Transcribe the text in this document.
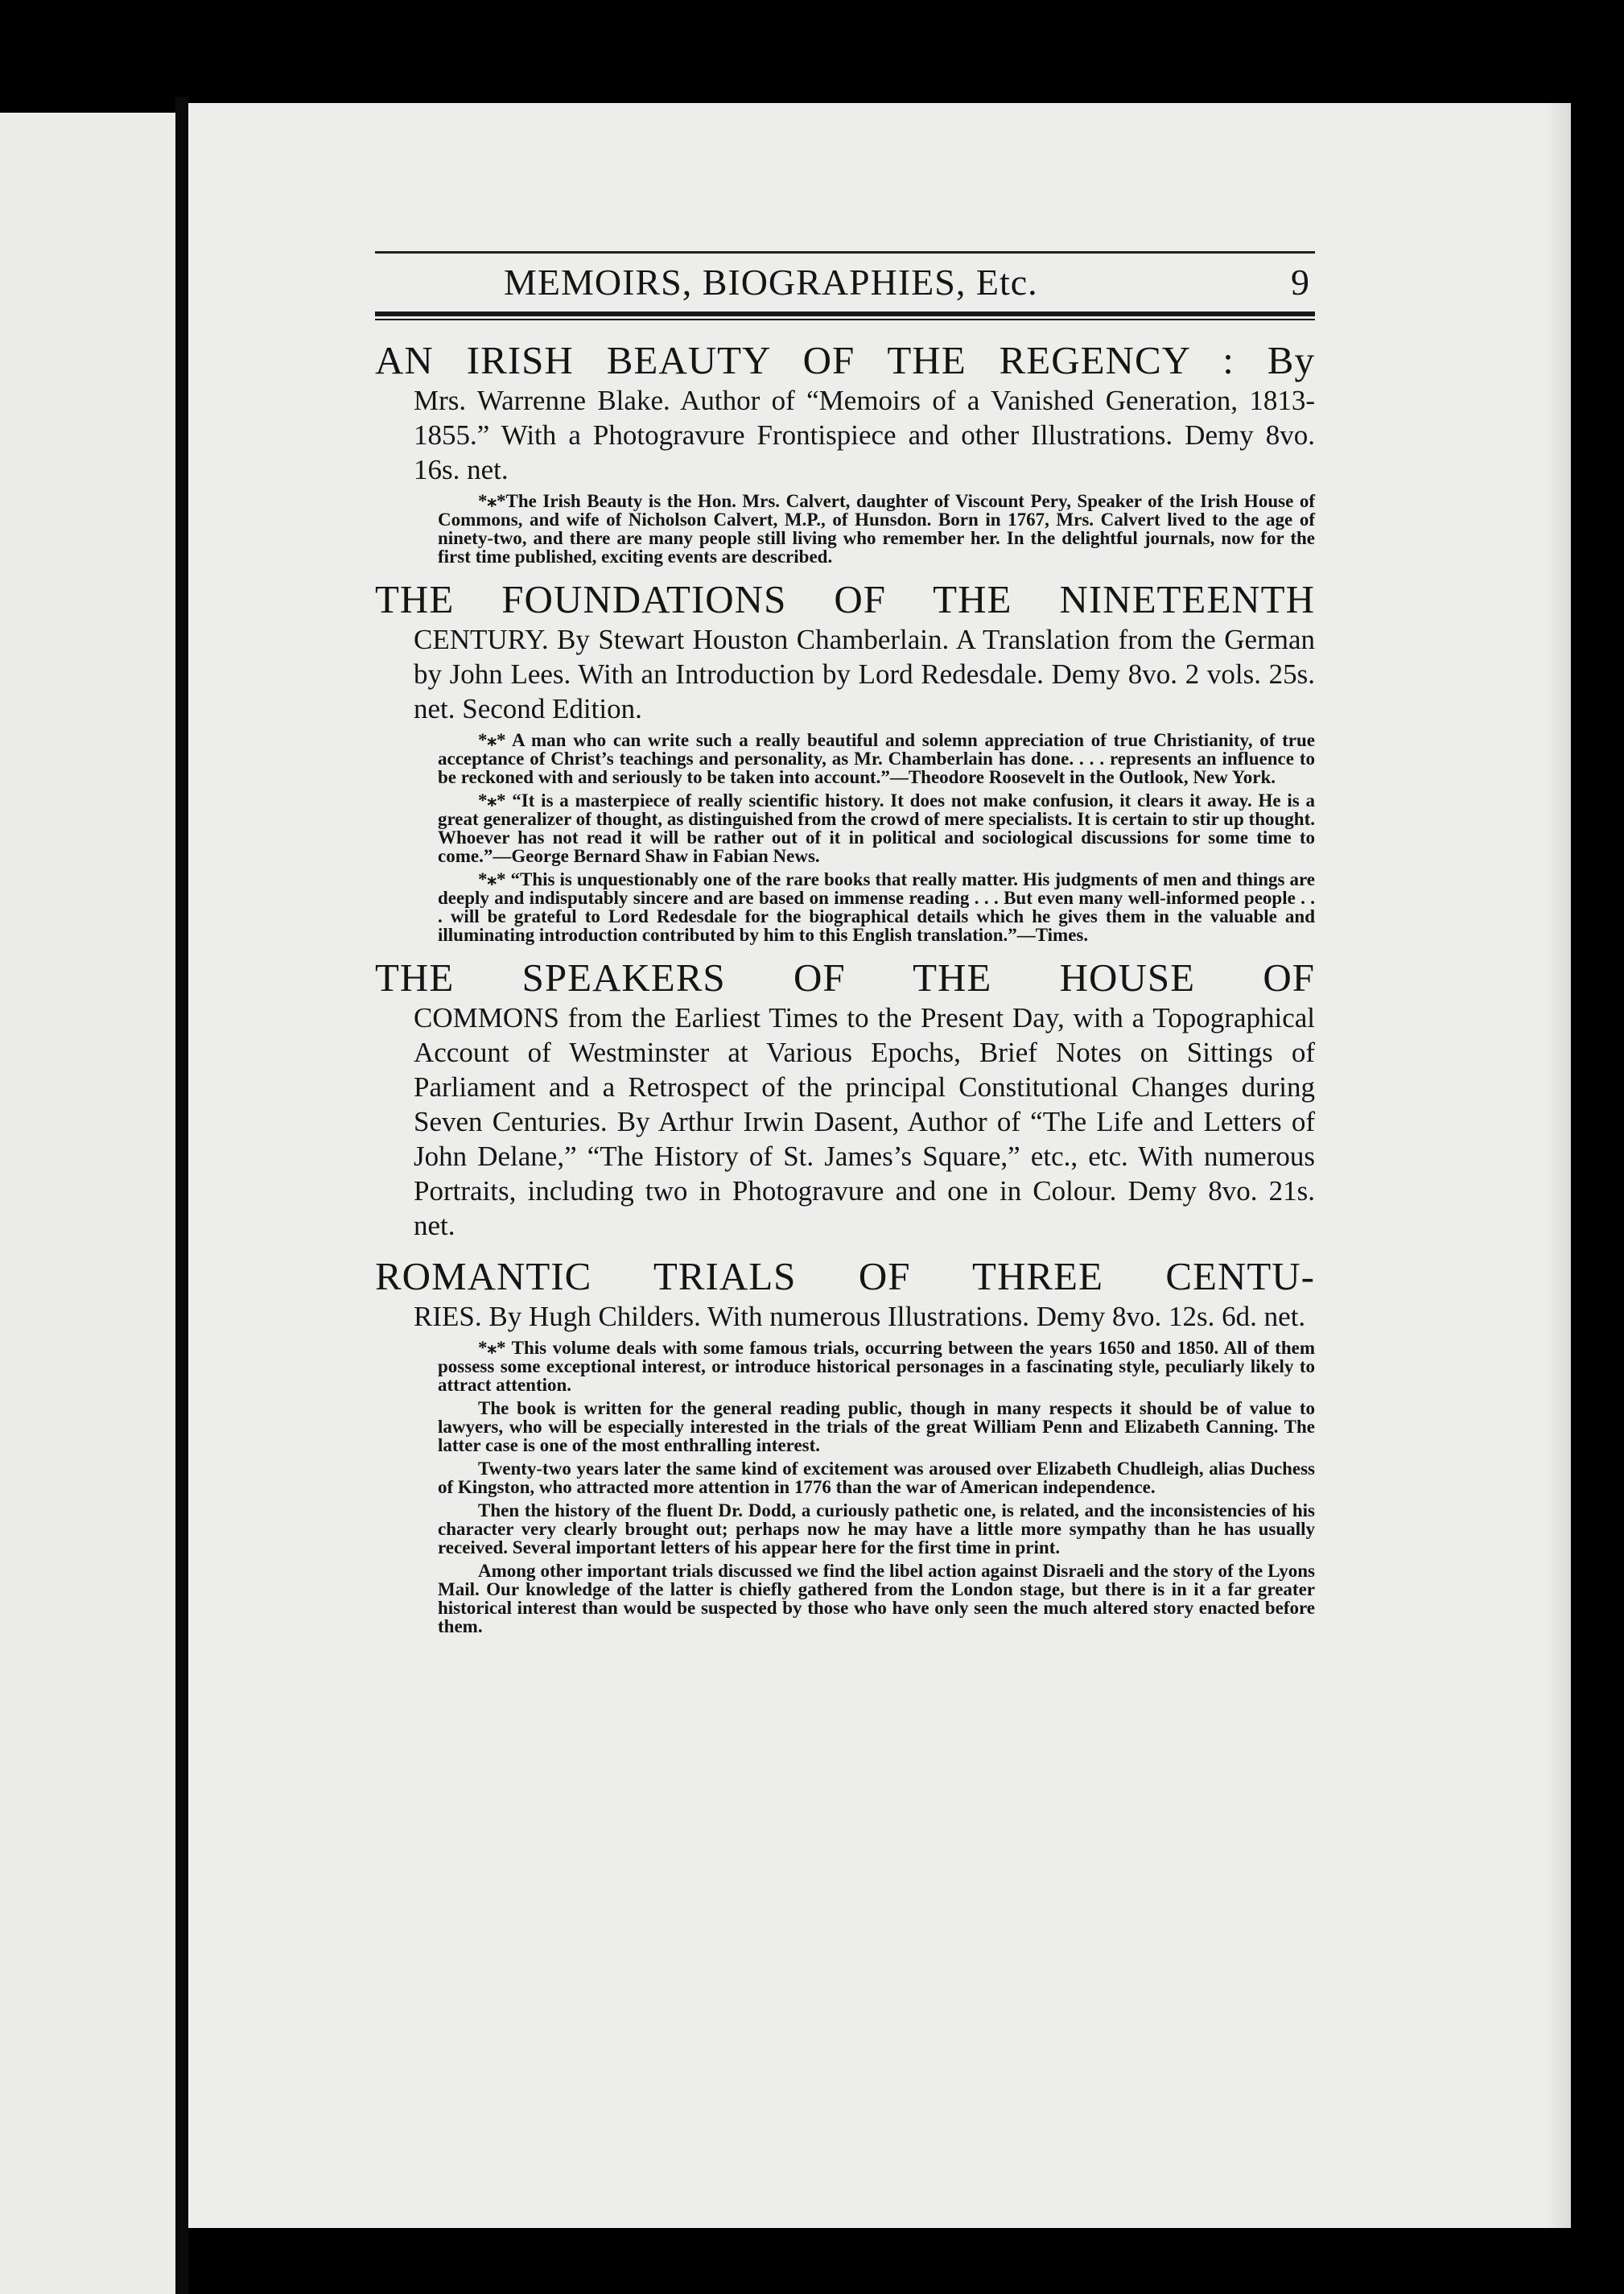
MEMOIRS, BIOGRAPHIES, Etc.	9
AN IRISH BEAUTY OF THE REGENCY : By
Mrs. Warrenne Blake. Author of “Memoirs of a Vanished Generation, 1813-1855.” With a Photogravure Frontispiece and other Illustrations. Demy 8vo. 16s. net.

*⁎*The Irish Beauty is the Hon. Mrs. Calvert, daughter of Viscount Pery, Speaker of the Irish House of Commons, and wife of Nicholson Calvert, M.P., of Hunsdon. Born in 1767, Mrs. Calvert lived to the age of ninety-two, and there are many people still living who remember her. In the delightful journals, now for the first time published, exciting events are described.

THE FOUNDATIONS OF THE NINETEENTH
CENTURY. By Stewart Houston Chamberlain. A Translation from the German by John Lees. With an Introduction by Lord Redesdale. Demy 8vo. 2 vols. 25s. net. Second Edition.

*⁎* A man who can write such a really beautiful and solemn appreciation of true Christianity, of true acceptance of Christ’s teachings and personality, as Mr. Chamberlain has done. . . . represents an influence to be reckoned with and seriously to be taken into account.”—Theodore Roosevelt in the Outlook, New York.

*⁎* “It is a masterpiece of really scientific history. It does not make confusion, it clears it away. He is a great generalizer of thought, as distinguished from the crowd of mere specialists. It is certain to stir up thought. Whoever has not read it will be rather out of it in political and sociological discussions for some time to come.”—George Bernard Shaw in Fabian News.

*⁎* “This is unquestionably one of the rare books that really matter. His judgments of men and things are deeply and indisputably sincere and are based on immense reading . . . But even many well-informed people . . . will be grateful to Lord Redesdale for the biographical details which he gives them in the valuable and illuminating introduction contributed by him to this English translation.”—Times.

THE SPEAKERS OF THE HOUSE OF
COMMONS from the Earliest Times to the Present Day, with a Topographical Account of Westminster at Various Epochs, Brief Notes on Sittings of Parliament and a Retrospect of the principal Constitutional Changes during Seven Centuries. By Arthur Irwin Dasent, Author of “The Life and Letters of John Delane,” “The History of St. James’s Square,” etc., etc. With numerous Portraits, including two in Photogravure and one in Colour. Demy 8vo. 21s. net.
ROMANTIC TRIALS OF THREE CENTU-
RIES. By Hugh Childers. With numerous Illustrations. Demy 8vo. 12s. 6d. net.

*⁎* This volume deals with some famous trials, occurring between the years 1650 and 1850. All of them possess some exceptional interest, or introduce historical personages in a fascinating style, peculiarly likely to attract attention.

The book is written for the general reading public, though in many respects it should be of value to lawyers, who will be especially interested in the trials of the great William Penn and Elizabeth Canning. The latter case is one of the most enthralling interest.

Twenty-two years later the same kind of excitement was aroused over Elizabeth Chudleigh, alias Duchess of Kingston, who attracted more attention in 1776 than the war of American independence.

Then the history of the fluent Dr. Dodd, a curiously pathetic one, is related, and the inconsistencies of his character very clearly brought out; perhaps now he may have a little more sympathy than he has usually received. Several important letters of his appear here for the first time in print.

Among other important trials discussed we find the libel action against Disraeli and the story of the Lyons Mail. Our knowledge of the latter is chiefly gathered from the London stage, but there is in it a far greater historical interest than would be suspected by those who have only seen the much altered story enacted before them.
